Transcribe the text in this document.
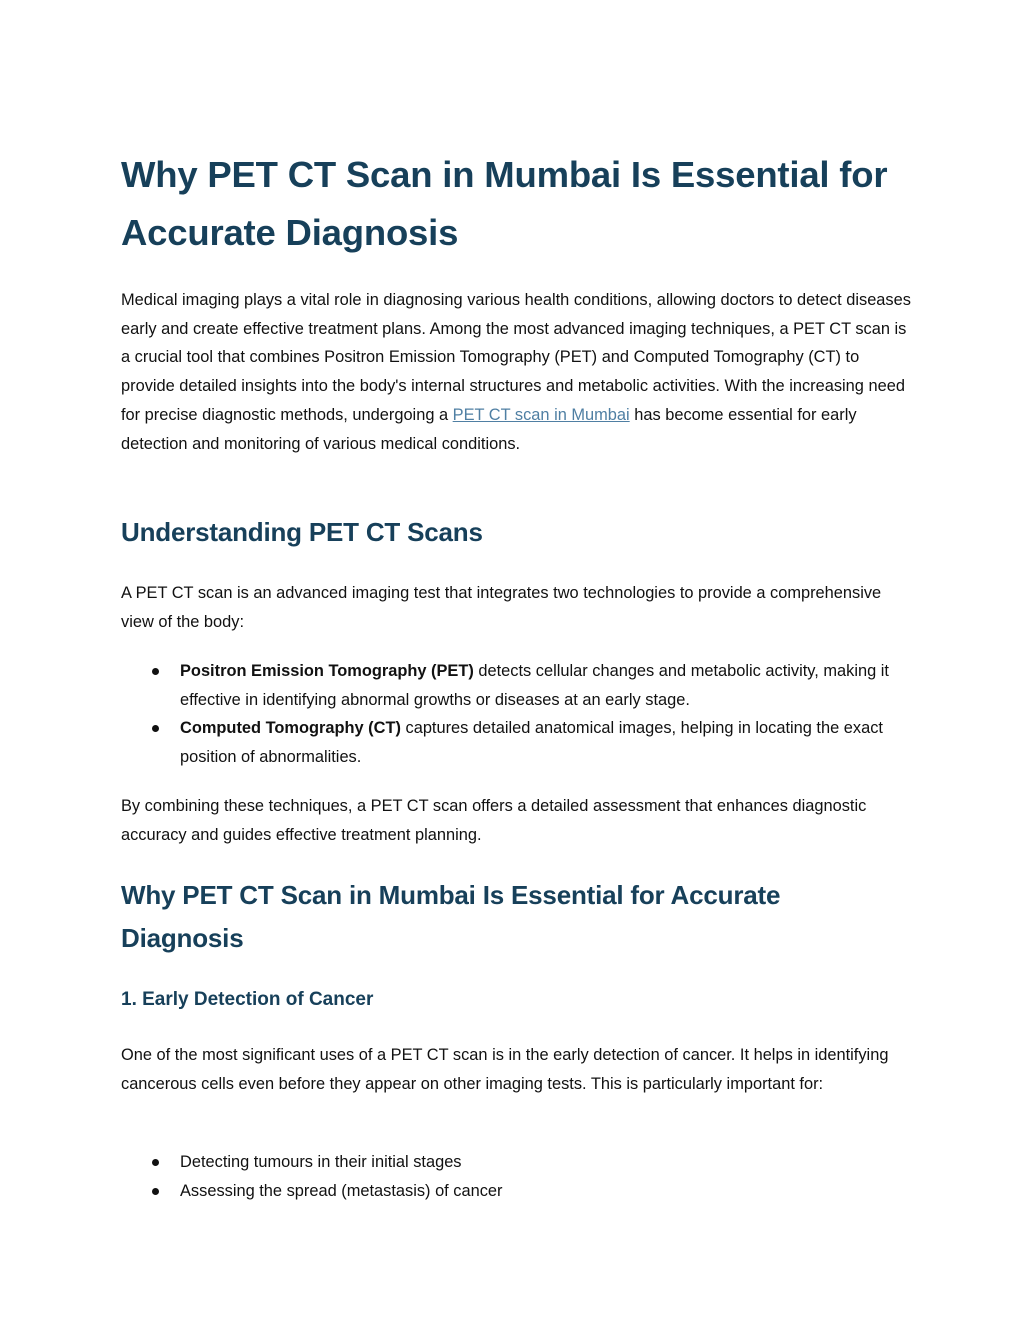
Why PET CT Scan in Mumbai Is Essential for Accurate Diagnosis

Medical imaging plays a vital role in diagnosing various health conditions, allowing doctors to detect diseases early and create effective treatment plans. Among the most advanced imaging techniques, a PET CT scan is a crucial tool that combines Positron Emission Tomography (PET) and Computed Tomography (CT) to provide detailed insights into the body's internal structures and metabolic activities. With the increasing need for precise diagnostic methods, undergoing a PET CT scan in Mumbai has become essential for early detection and monitoring of various medical conditions.

Understanding PET CT Scans

A PET CT scan is an advanced imaging test that integrates two technologies to provide a comprehensive view of the body:

Positron Emission Tomography (PET) detects cellular changes and metabolic activity, making it effective in identifying abnormal growths or diseases at an early stage.
Computed Tomography (CT) captures detailed anatomical images, helping in locating the exact position of abnormalities.

By combining these techniques, a PET CT scan offers a detailed assessment that enhances diagnostic accuracy and guides effective treatment planning.

Why PET CT Scan in Mumbai Is Essential for Accurate Diagnosis
1. Early Detection of Cancer

One of the most significant uses of a PET CT scan is in the early detection of cancer. It helps in identifying cancerous cells even before they appear on other imaging tests. This is particularly important for:

Detecting tumours in their initial stages
Assessing the spread (metastasis) of cancer
